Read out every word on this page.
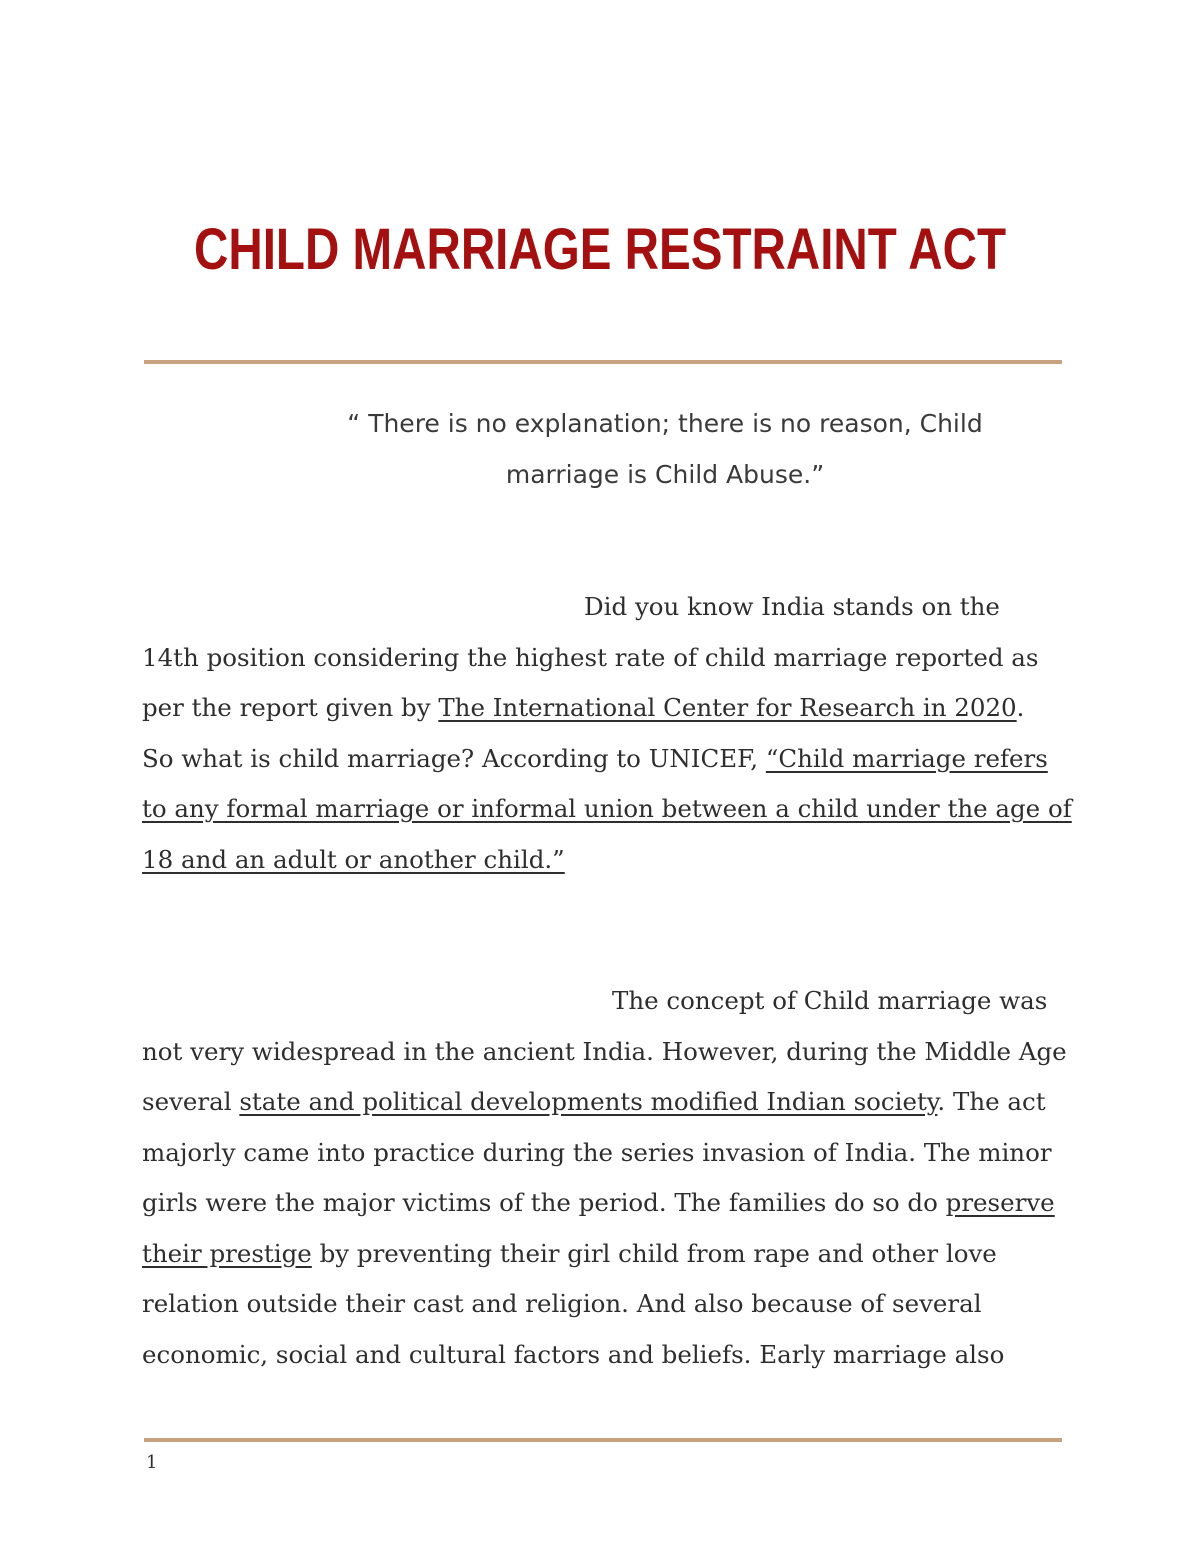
CHILD MARRIAGE RESTRAINT ACT

“ There is no explanation; there is no reason, Child
marriage is Child Abuse.”

Did you know India stands on the
14th position considering the highest rate of child marriage reported as
per the report given by The International Center for Research in 2020.
So what is child marriage? According to UNICEF, “Child marriage refers
to any formal marriage or informal union between a child under the age of
18 and an adult or another child.”

The concept of Child marriage was
not very widespread in the ancient India. However, during the Middle Age
several state and political developments modified Indian society. The act
majorly came into practice during the series invasion of India. The minor
girls were the major victims of the period. The families do so do preserve
their prestige by preventing their girl child from rape and other love
relation outside their cast and religion. And also because of several
economic, social and cultural factors and beliefs. Early marriage also

1
